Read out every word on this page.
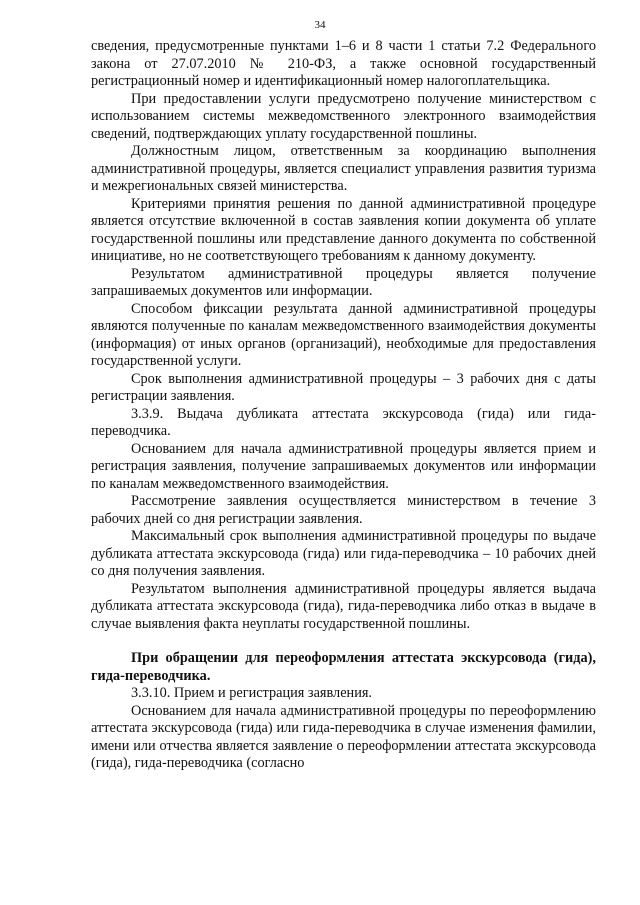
34

сведения, предусмотренные пунктами 1–6 и 8 части 1 статьи 7.2 Федерального закона от 27.07.2010 № 210-ФЗ, а также основной государственный регистрационный номер и идентификационный номер налогоплательщика.

При предоставлении услуги предусмотрено получение министерством с использованием системы межведомственного электронного взаимодействия сведений, подтверждающих уплату государственной пошлины.

Должностным лицом, ответственным за координацию выполнения административной процедуры, является специалист управления развития туризма и межрегиональных связей министерства.

Критериями принятия решения по данной административной процедуре является отсутствие включенной в состав заявления копии документа об уплате государственной пошлины или представление данного документа по собственной инициативе, но не соответствующего требованиям к данному документу.

Результатом административной процедуры является получение запрашиваемых документов или информации.

Способом фиксации результата данной административной процедуры являются полученные по каналам межведомственного взаимодействия документы (информация) от иных органов (организаций), необходимые для предоставления государственной услуги.

Срок выполнения административной процедуры – 3 рабочих дня с даты регистрации заявления.

3.3.9. Выдача дубликата аттестата экскурсовода (гида) или гида-переводчика.

Основанием для начала административной процедуры является прием и регистрация заявления, получение запрашиваемых документов или информации по каналам межведомственного взаимодействия.

Рассмотрение заявления осуществляется министерством в течение 3 рабочих дней со дня регистрации заявления.

Максимальный срок выполнения административной процедуры по выдаче дубликата аттестата экскурсовода (гида) или гида-переводчика – 10 рабочих дней со дня получения заявления.

Результатом выполнения административной процедуры является выдача дубликата аттестата экскурсовода (гида), гида-переводчика либо отказ в выдаче в случае выявления факта неуплаты государственной пошлины.

При обращении для переоформления аттестата экскурсовода (гида), гида-переводчика.

3.3.10. Прием и регистрация заявления.

Основанием для начала административной процедуры по переоформлению аттестата экскурсовода (гида) или гида-переводчика в случае изменения фамилии, имени или отчества является заявление о переоформлении аттестата экскурсовода (гида), гида-переводчика (согласно
